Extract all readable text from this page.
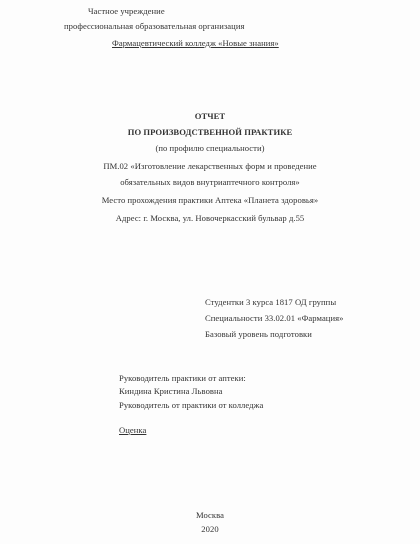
Частное учреждение
профессиональная образовательная организация
Фармацевтический колледж «Новые знания»
ОТЧЕТ
ПО ПРОИЗВОДСТВЕННОЙ ПРАКТИКЕ
(по профилю специальности)
ПМ.02 «Изготовление лекарственных форм и проведение
обязательных видов внутриаптечного контроля»
Место прохождения практики Аптека «Планета здоровья»
Адрес: г. Москва, ул. Новочеркасский бульвар д.55
Студентки 3 курса 1817 ОД группы
Специальности 33.02.01 «Фармация»
Базовый уровень подготовки
Руководитель практики от аптеки:
Киндина Кристина Львовна
Руководитель от практики от колледжа
Оценка
Москва
2020
